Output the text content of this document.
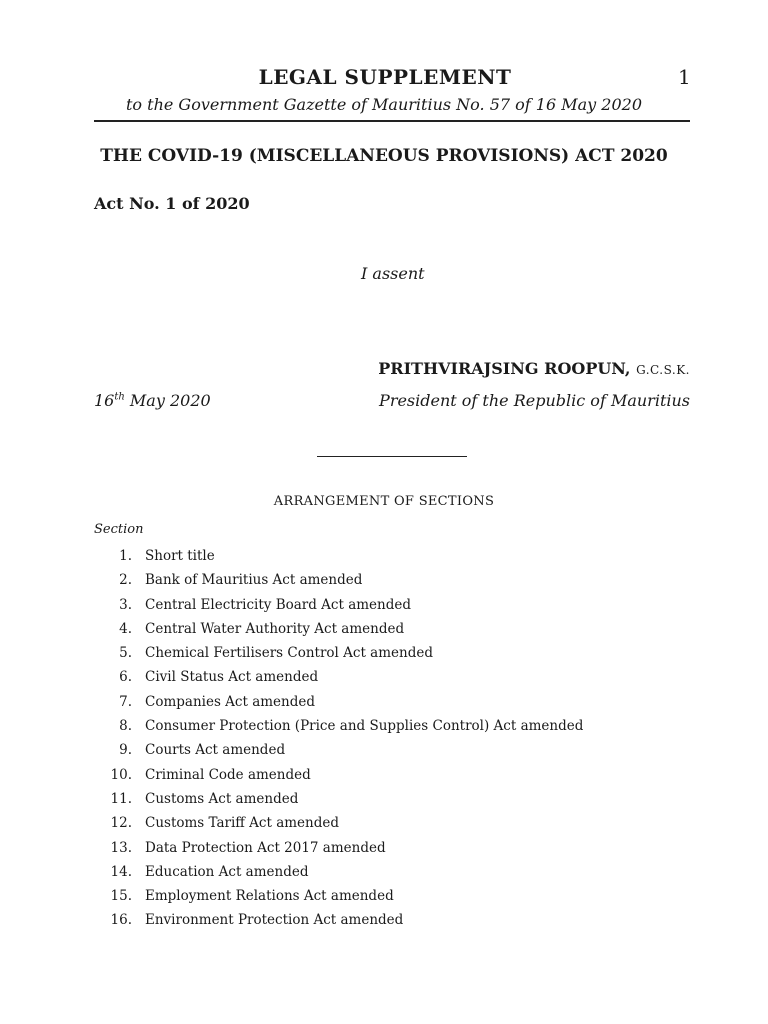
LEGAL SUPPLEMENT	1
to the Government Gazette of Mauritius No. 57 of 16 May 2020
THE COVID-19 (MISCELLANEOUS PROVISIONS) ACT 2020
Act No. 1 of 2020
I assent
PRITHVIRAJSING ROOPUN, G.C.S.K.
16th May 2020	President of the Republic of Mauritius
ARRANGEMENT OF SECTIONS
Section
1. Short title
2. Bank of Mauritius Act amended
3. Central Electricity Board Act amended
4. Central Water Authority Act amended
5. Chemical Fertilisers Control Act amended
6. Civil Status Act amended
7. Companies Act amended
8. Consumer Protection (Price and Supplies Control) Act amended
9. Courts Act amended
10. Criminal Code amended
11. Customs Act amended
12. Customs Tariff Act amended
13. Data Protection Act 2017 amended
14. Education Act amended
15. Employment Relations Act amended
16. Environment Protection Act amended
